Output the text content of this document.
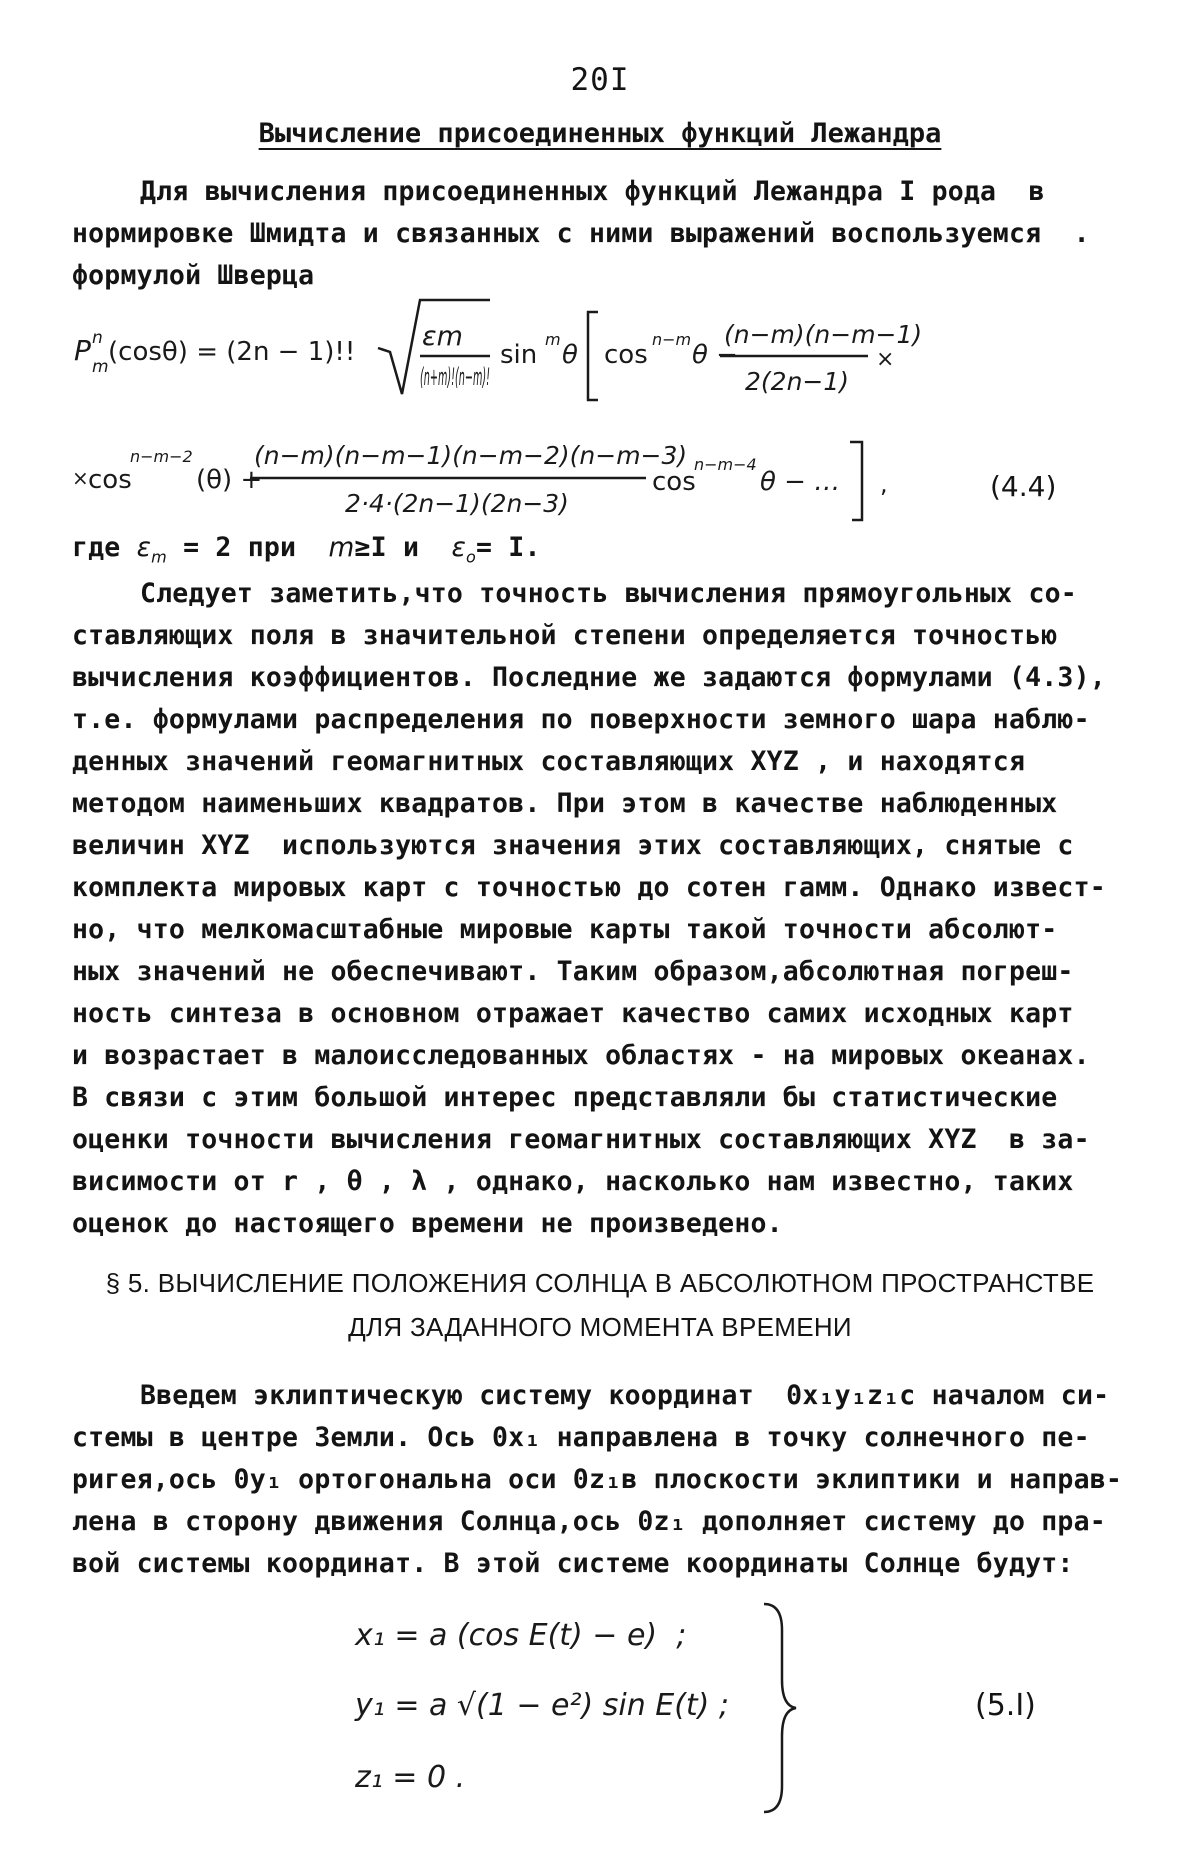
20I
Вычисление присоединенных функций Лежандра
Для вычисления присоединенных функций Лежандра I рода  в
нормировке Шмидта и связанных с ними выражений воспользуемся  .
формулой Шверца
P n
m (cosθ) = (2n − 1)!! εm
(n+m)!(n−m)!
sin
m
θ cos
n−m
θ −
(n−m)(n−m−1)
2(2n−1)
×
× cos
n−m−2
(θ) +
(n−m)(n−m−1)(n−m−2)(n−m−3)
2·4·(2n−1)(2n−3)
cos
n−m−4
θ − … ,	(4.4)
где $\varepsilon_m = 2$ при  m≥I и  $\varepsilon_o= I$.
Следует заметить,что точность вычисления прямоугольных со-
ставляющих поля в значительной степени определяется точностью
вычисления коэффициентов. Последние же задаются формулами (4.3),
т.е. формулами распределения по поверхности земного шара наблю-
денных значений геомагнитных составляющих XYZ , и находятся
методом наименьших квадратов. При этом в качестве наблюденных
величин XYZ  используются значения этих составляющих, снятые с
комплекта мировых карт с точностью до сотен гамм. Однако извест-
но, что мелкомасштабные мировые карты такой точности абсолют-
ных значений не обеспечивают. Таким образом,абсолютная погреш-
ность синтеза в основном отражает качество самих исходных карт
и возрастает в малоисследованных областях - на мировых океанах.
В связи с этим большой интерес представляли бы статистические
оценки точности вычисления геомагнитных составляющих XYZ  в за-
висимости от r , θ , λ , однако, насколько нам известно, таких
оценок до настоящего времени не произведено.
§ 5. ВЫЧИСЛЕНИЕ ПОЛОЖЕНИЯ СОЛНЦА В АБСОЛЮТНОМ ПРОСТРАНСТВЕ
ДЛЯ ЗАДАННОГО МОМЕНТА ВРЕМЕНИ
Введем эклиптическую систему координат  0x₁y₁z₁с началом си-
стемы в центре Земли. Ось 0x₁ направлена в точку солнечного пе-
ригея,ось 0y₁ ортогональна оси 0z₁в плоскости эклиптики и направ-
лена в сторону движения Солнца,ось 0z₁ дополняет систему до пра-
вой системы координат. В этой системе координаты Солнце будут:
x₁ = a (cos E(t) − e)  ;
y₁ = a √(1 − e²) sin E(t) ;
z₁ = 0 .
(5.I)
